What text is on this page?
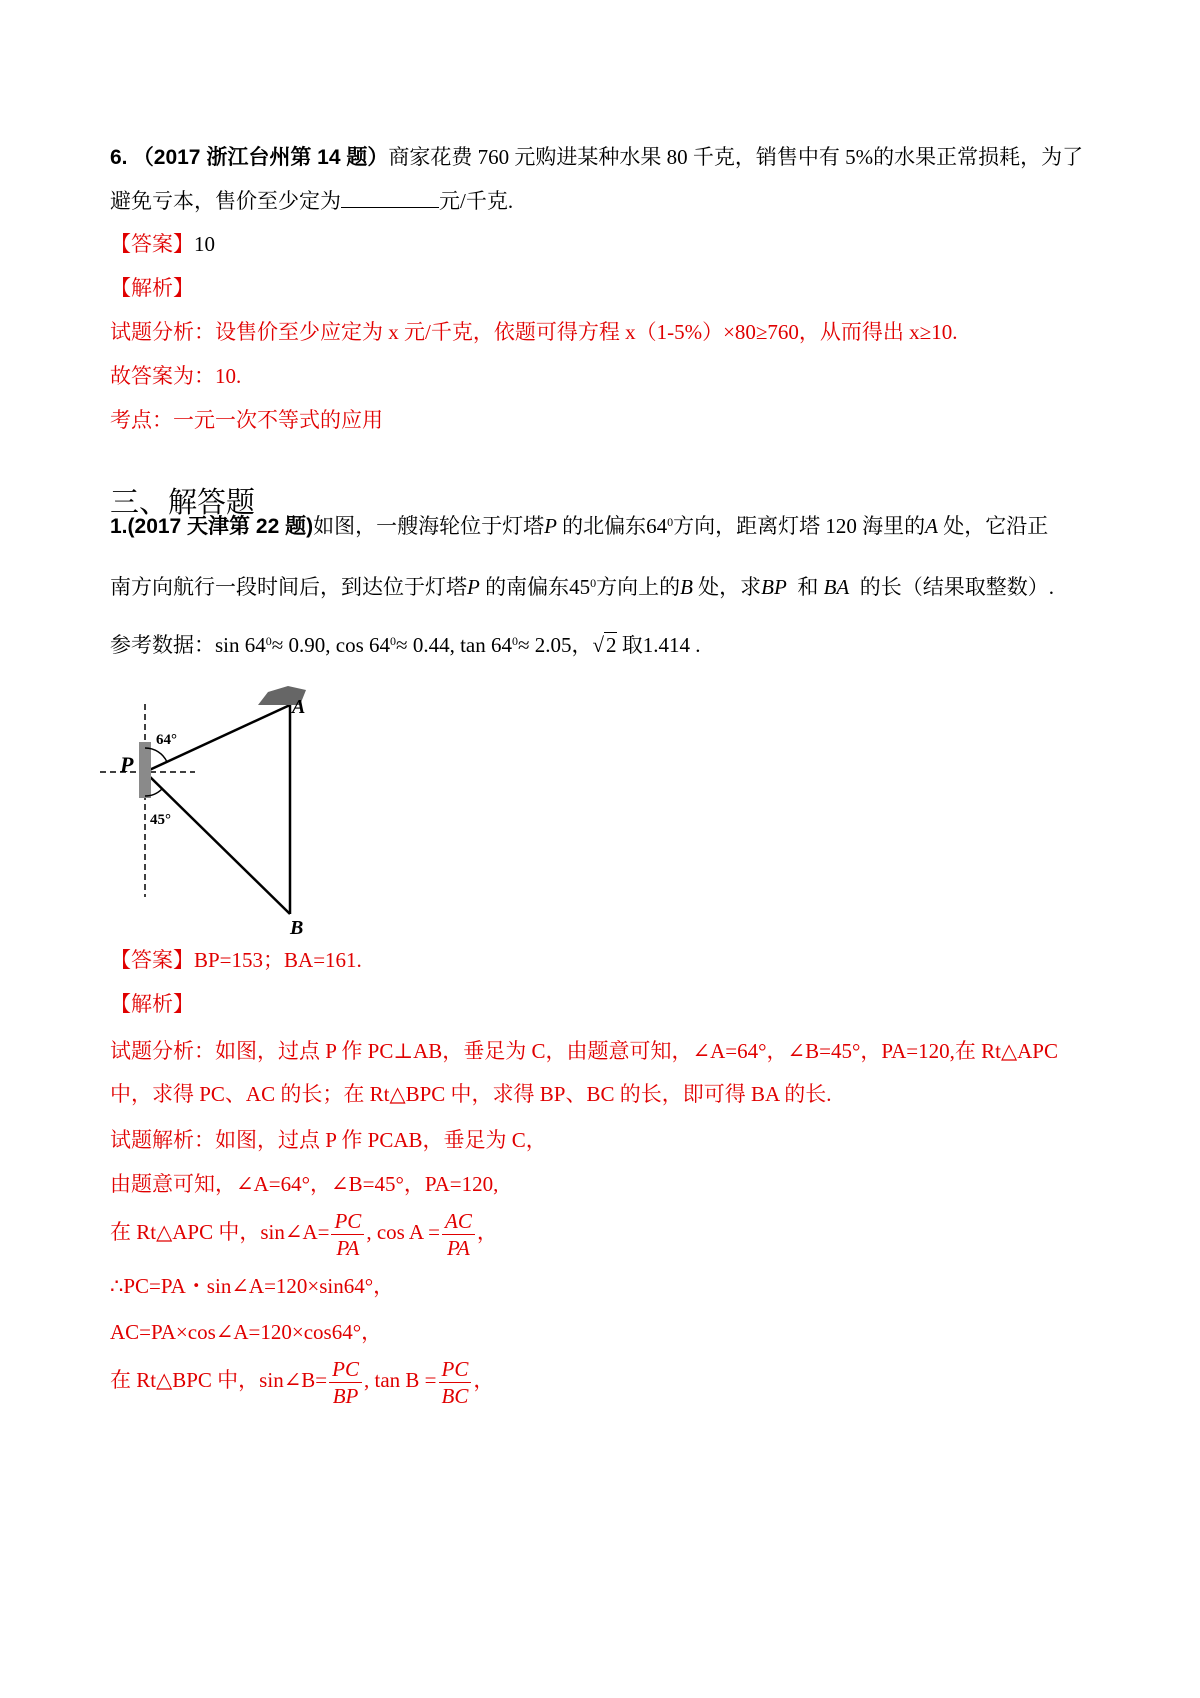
6. （2017 浙江台州第 14 题）商家花费 760 元购进某种水果 80 千克，销售中有 5%的水果正常损耗，为了
避免亏本，售价至少定为	元/千克.
【答案】10
【解析】
试题分析：设售价至少应定为 x 元/千克，依题可得方程 x（1-5%）×80≥760，从而得出 x≥10.
故答案为：10.
考点：一元一次不等式的应用
三、解答题
1.(2017 天津第 22 题)如图，一艘海轮位于灯塔P 的北偏东$64^0$方向，距离灯塔 120 海里的A 处，它沿正
南方向航行一段时间后，到达位于灯塔P 的南偏东$45^0$方向上的B 处，求BP 和 BA 的长（结果取整数）.
参考数据：$\sin 64^0\approx 0.90$, $\cos 64^0\approx 0.44$, $\tan 64^0\approx 2.05$，√2 取1.414 .
64°
45°
P
A
B
【答案】BP=153；BA=161.
【解析】
试题分析：如图，过点 P 作 PC⊥AB，垂足为 C，由题意可知，∠A=64°，∠B=45°，PA=120,在 Rt△APC
中，求得 PC、AC 的长；在 Rt△BPC 中，求得 BP、BC 的长，即可得 BA 的长.
试题解析：如图，过点 P 作 PCAB，垂足为 C，
由题意可知，∠A=64°，∠B=45°，PA=120,
在 Rt△APC 中，sin∠A= $\frac{PC}{PA}$ , $\cos A = \frac{AC}{PA}$ ，
∴PC=PA・sin∠A=120×sin64°，
AC=PA×cos∠A=120×cos64°，
在 Rt△BPC 中，sin∠B= $\frac{PC}{BP}$ , $\tan B = \frac{PC}{BC}$ ，
